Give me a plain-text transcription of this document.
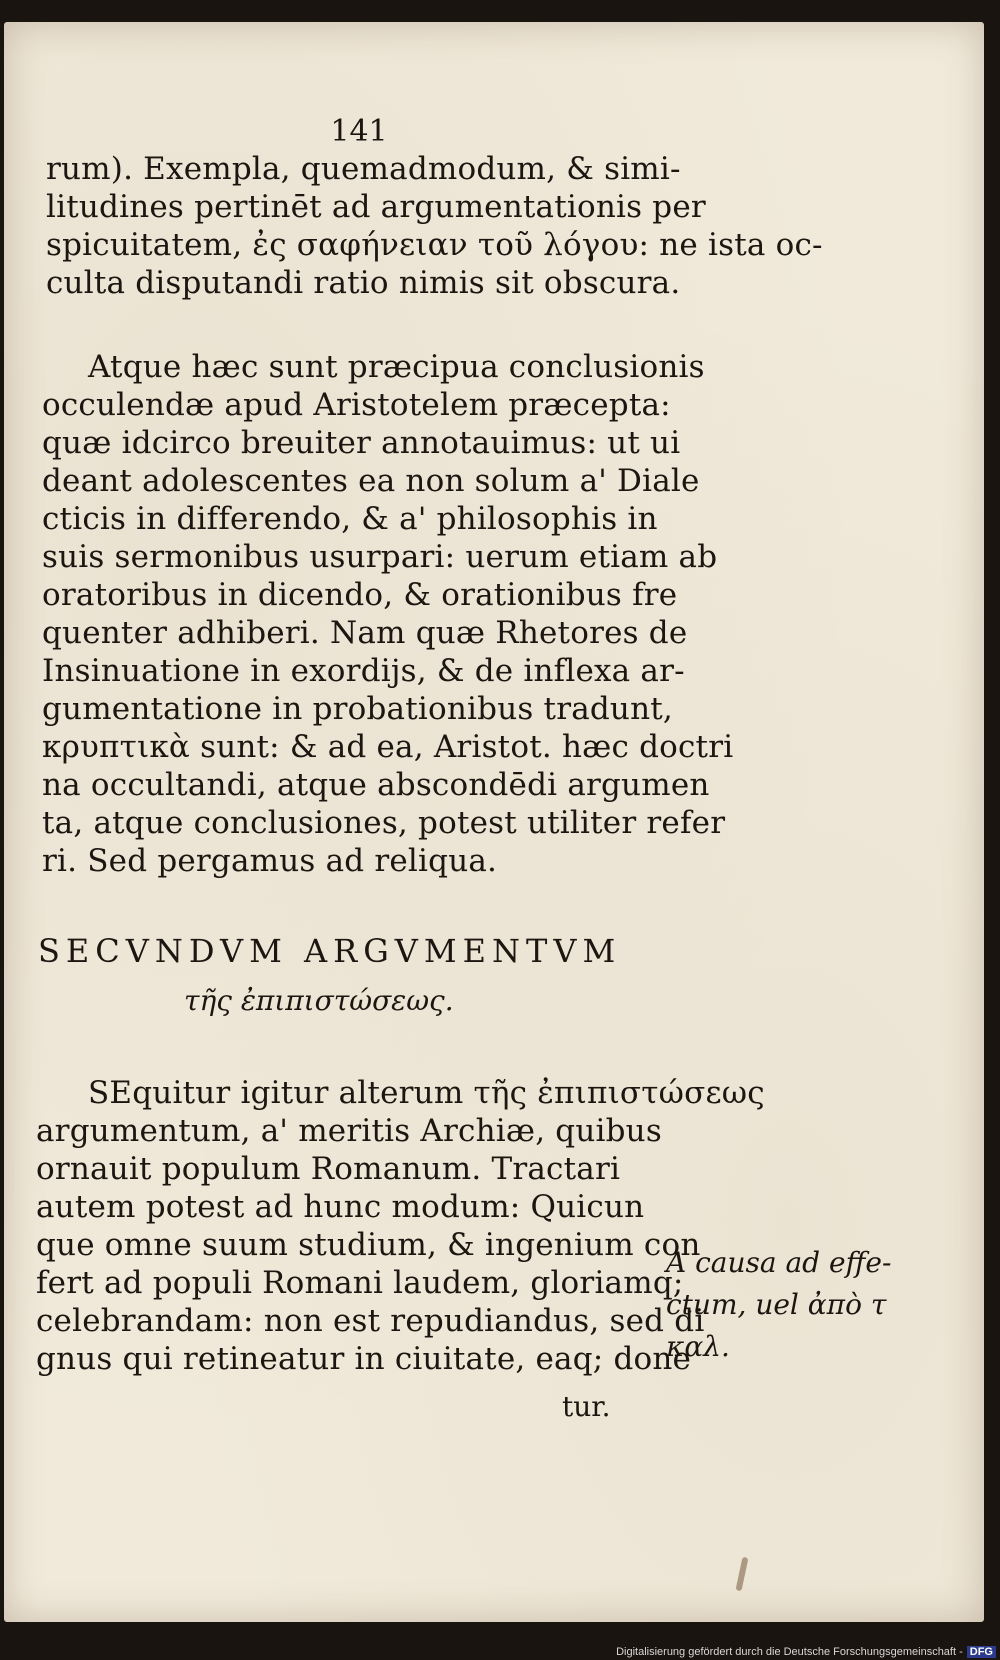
141
rum). Exempla, quemadmodum, & simi-
litudines pertinēt ad argumentationis per
spicuitatem, ἐς σαφήνειαν τοῦ λόγου: ne ista oc-
culta disputandi ratio nimis sit obscura.
Atque hæc sunt præcipua conclusionis
occulendæ apud Aristotelem præcepta:
quæ idcirco breuiter annotauimus: ut ui
deant adolescentes ea non solum a' Diale
cticis in differendo, & a' philosophis in
suis sermonibus usurpari: uerum etiam ab
oratoribus in dicendo, & orationibus fre
quenter adhiberi. Nam quæ Rhetores de
Insinuatione in exordijs, & de inflexa ar-
gumentatione in probationibus tradunt,
κρυπτικὰ sunt: & ad ea, Aristot. hæc doctri
na occultandi, atque abscondēdi argumen
ta, atque conclusiones, potest utiliter refer
ri. Sed pergamus ad reliqua.
SECVNDVM ARGVMENTVM
τῆς ἐπιπιστώσεως.
SEquitur igitur alterum τῆς ἐπιπιστώσεως
argumentum, a' meritis Archiæ, quibus
ornauit populum Romanum. Tractari
autem potest ad hunc modum: Quicun
que omne suum studium, & ingenium con
fert ad populi Romani laudem, gloriamq;
celebrandam: non est repudiandus, sed di
gnus qui retineatur in ciuitate, eaq; done
tur.
A causa ad effe-
ctum, uel ἀπὸ τ
καλ.
Digitalisierung gefördert durch die Deutsche Forschungsgemeinschaft - DFG
